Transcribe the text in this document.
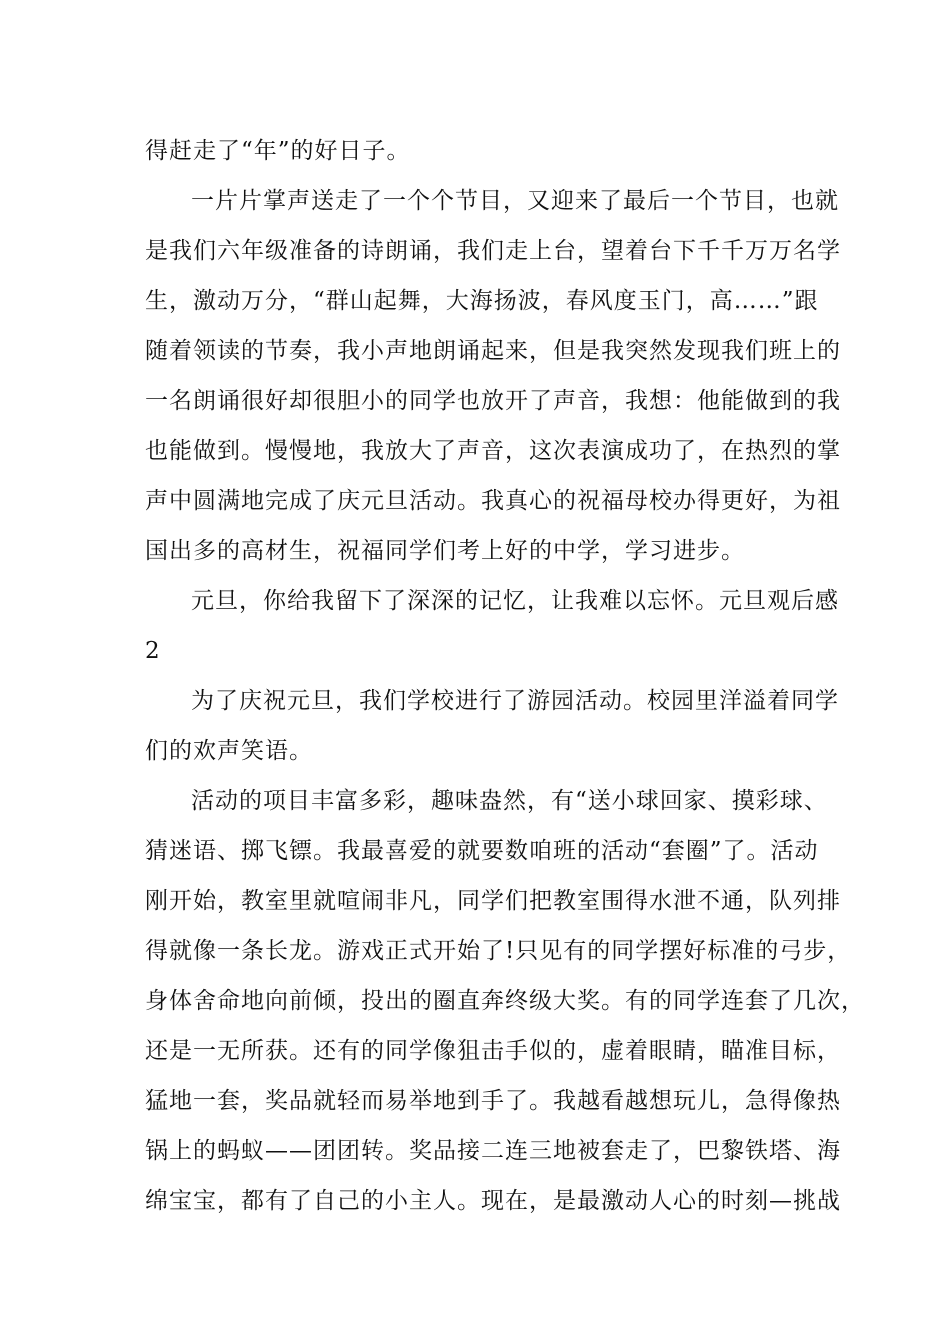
得赶走了“年”的好日子。
一片片掌声送走了一个个节目，又迎来了最后一个节目，也就
是我们六年级准备的诗朗诵，我们走上台，望着台下千千万万名学
生，激动万分，“群山起舞，大海扬波，春风度玉门，高……”跟
随着领读的节奏，我小声地朗诵起来，但是我突然发现我们班上的
一名朗诵很好却很胆小的同学也放开了声音，我想：他能做到的我
也能做到。慢慢地，我放大了声音，这次表演成功了，在热烈的掌
声中圆满地完成了庆元旦活动。我真心的祝福母校办得更好，为祖
国出多的高材生，祝福同学们考上好的中学，学习进步。
元旦，你给我留下了深深的记忆，让我难以忘怀。元旦观后感
2
为了庆祝元旦，我们学校进行了游园活动。校园里洋溢着同学
们的欢声笑语。
活动的项目丰富多彩，趣味盎然，有“送小球回家、摸彩球、
猜迷语、掷飞镖。我最喜爱的就要数咱班的活动“套圈”了。活动
刚开始，教室里就喧闹非凡，同学们把教室围得水泄不通，队列排
得就像一条长龙。游戏正式开始了!只见有的同学摆好标准的弓步，
身体舍命地向前倾，投出的圈直奔终级大奖。有的同学连套了几次，
还是一无所获。还有的同学像狙击手似的，虚着眼睛，瞄准目标，
猛地一套，奖品就轻而易举地到手了。我越看越想玩儿，急得像热
锅上的蚂蚁——团团转。奖品接二连三地被套走了，巴黎铁塔、海
绵宝宝，都有了自己的小主人。现在，是最激动人心的时刻—挑战
